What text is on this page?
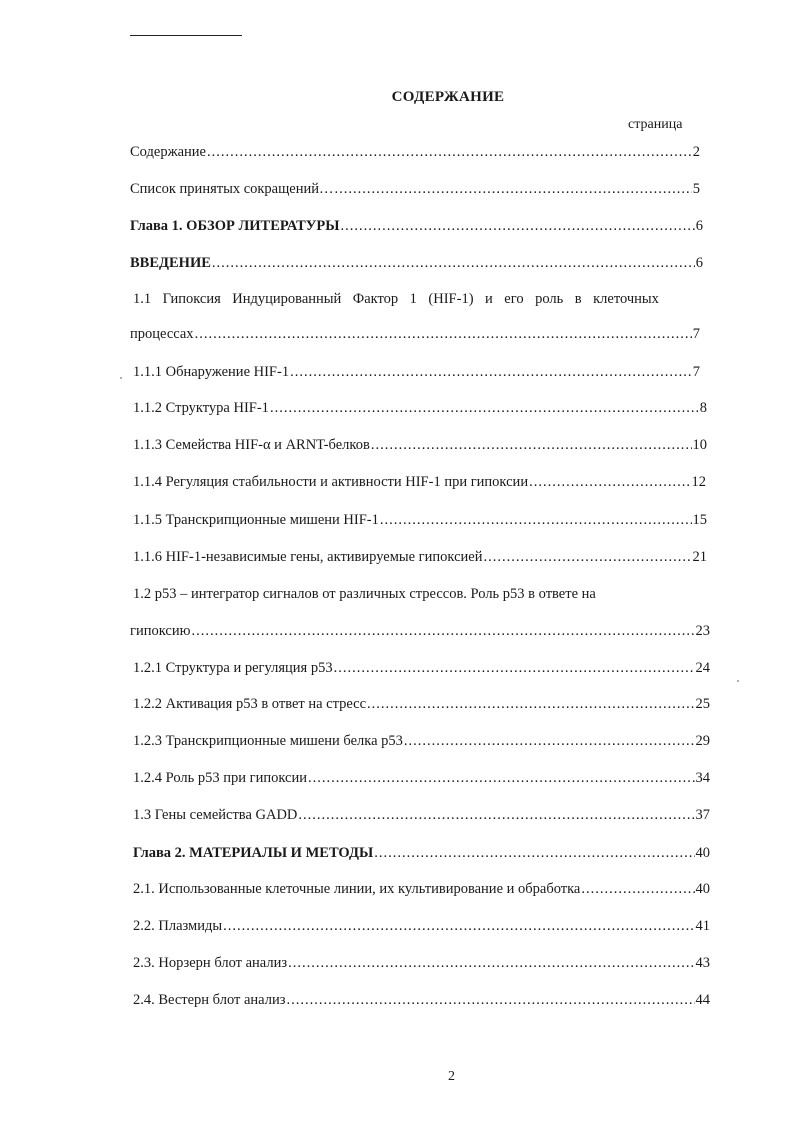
СОДЕРЖАНИЕ
страница
Содержание .....	2
Список принятых сокращений… .....	5
Глава 1. ОБЗОР ЛИТЕРАТУРЫ .....	6
ВВЕДЕНИЕ .....	6
1.1 Гипоксия Индуцированный Фактор 1 (HIF-1) и его роль в клеточных
процессах .....	7
1.1.1 Обнаружение HIF-1 .....	7
1.1.2 Структура HIF-1 .....	8
1.1.3 Семейства HIF-α и ARNT-белков .....	10
1.1.4 Регуляция стабильности и активности HIF-1 при гипоксии .....	12
1.1.5 Транскрипционные мишени HIF-1 .....	15
1.1.6 HIF-1-независимые гены, активируемые гипоксией .....	21
1.2 р53 – интегратор сигналов от различных стрессов. Роль р53 в ответе на
гипоксию .....	23
1.2.1 Структура и регуляция р53 .....	24
1.2.2 Активация р53 в ответ на стресс .....	25
1.2.3 Транскрипционные мишени белка р53 .....	29
1.2.4 Роль р53 при гипоксии .....	34
1.3 Гены семейства GADD .....	37
Глава 2. МАТЕРИАЛЫ И МЕТОДЫ .....	40
2.1. Использованные клеточные линии, их культивирование и обработка .....	40
2.2. Плазмиды .....	41
2.3. Норзерн блот анализ .....	43
2.4. Вестерн блот анализ .....	44
2
